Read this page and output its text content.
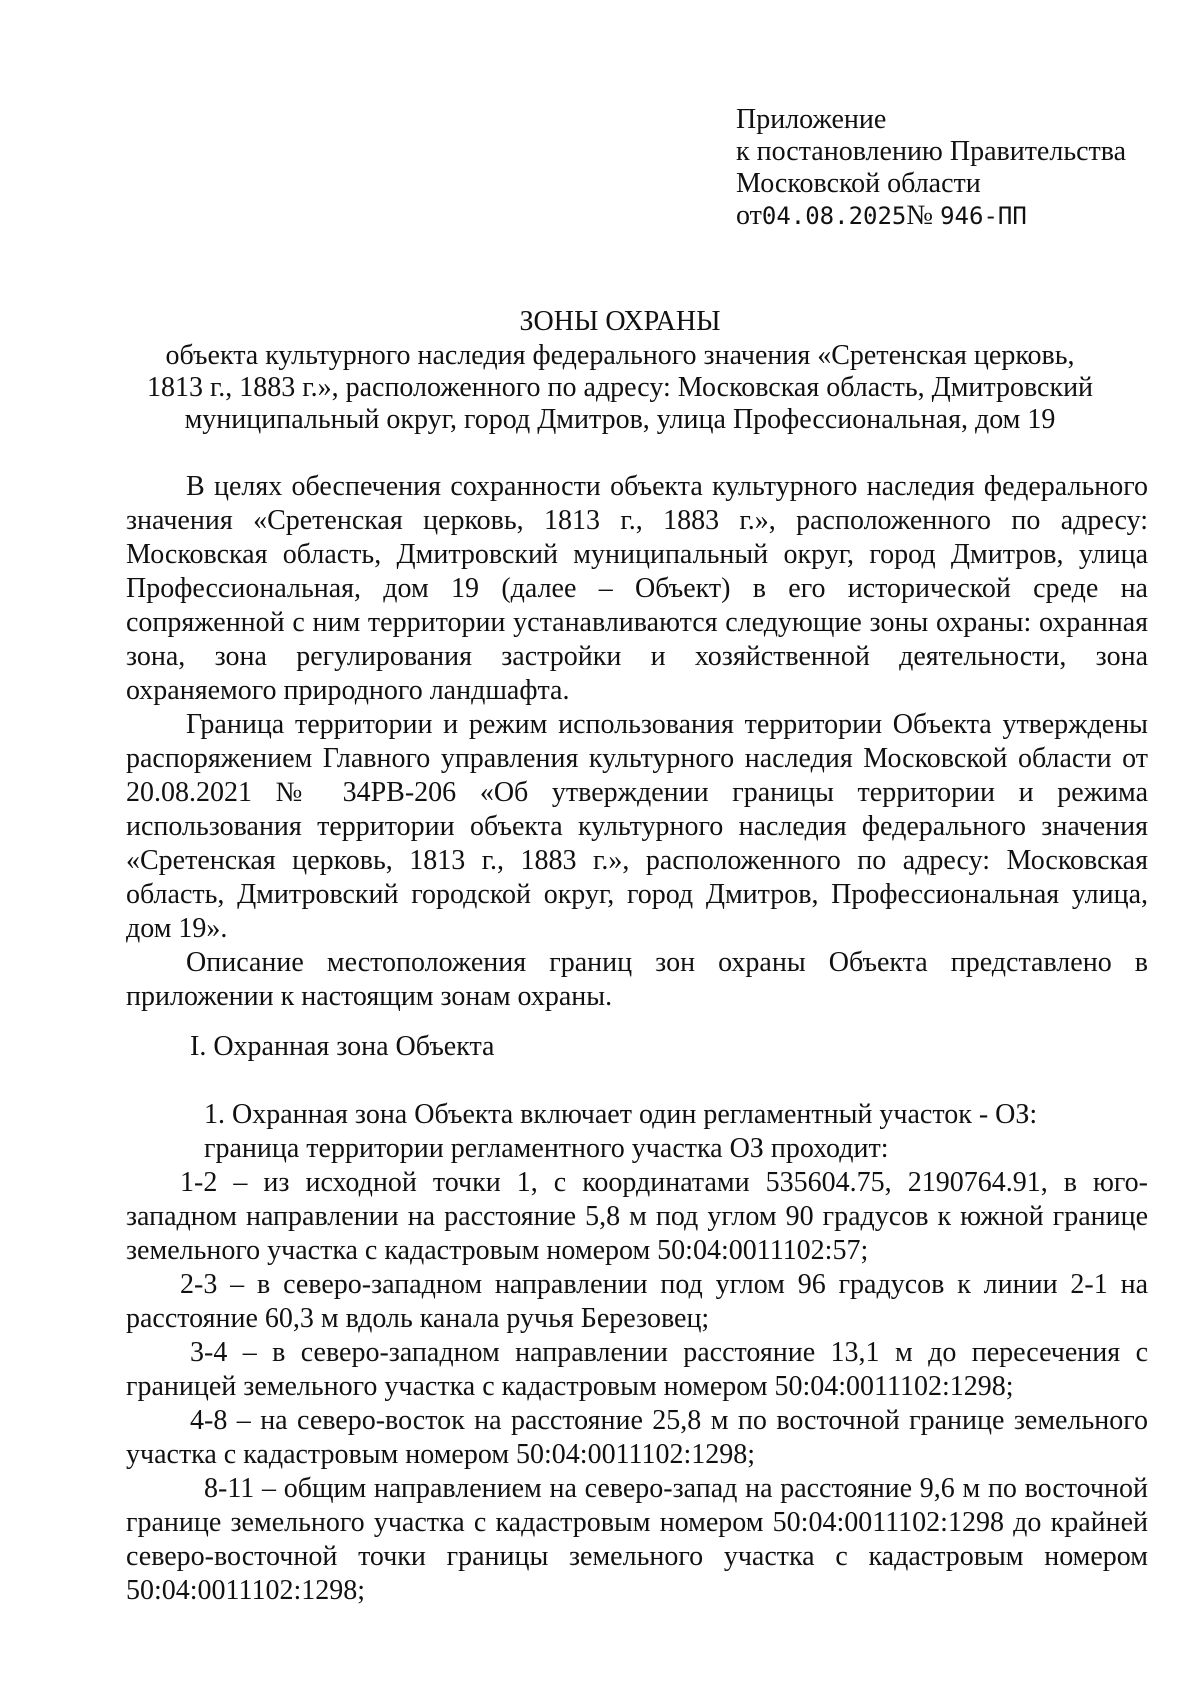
Приложение
к постановлению Правительства
Московской области
от04.08.2025№ 946-ПП
ЗОНЫ ОХРАНЫ
объекта культурного наследия федерального значения «Сретенская церковь,
1813 г., 1883 г.», расположенного по адресу: Московская область, Дмитровский
муниципальный округ, город Дмитров, улица Профессиональная, дом 19

В целях обеспечения сохранности объекта культурного наследия федерального значения «Сретенская церковь, 1813 г., 1883 г.», расположенного по адресу: Московская область, Дмитровский муниципальный округ, город Дмитров, улица Профессиональная, дом 19 (далее – Объект) в его исторической среде на сопряженной с ним территории устанавливаются следующие зоны охраны: охранная зона, зона регулирования застройки и хозяйственной деятельности, зона охраняемого природного ландшафта.

Граница территории и режим использования территории Объекта утверждены распоряжением Главного управления культурного наследия Московской области от 20.08.2021 № 34РВ-206 «Об утверждении границы территории и режима использования территории объекта культурного наследия федерального значения «Сретенская церковь, 1813 г., 1883 г.», расположенного по адресу: Московская область, Дмитровский городской округ, город Дмитров, Профессиональная улица, дом 19».

Описание местоположения границ зон охраны Объекта представлено в приложении к настоящим зонам охраны.

I. Охранная зона Объекта

1. Охранная зона Объекта включает один регламентный участок - ОЗ:

граница территории регламентного участка ОЗ проходит:

1-2 – из исходной точки 1, с координатами 535604.75, 2190764.91, в юго-западном направлении на расстояние 5,8 м под углом 90 градусов к южной границе земельного участка с кадастровым номером 50:04:0011102:57;

2-3 – в северо-западном направлении под углом 96 градусов к линии 2-1 на расстояние 60,3 м вдоль канала ручья Березовец;

3-4 – в северо-западном направлении расстояние 13,1 м до пересечения с границей земельного участка с кадастровым номером 50:04:0011102:1298;

4-8 – на северо-восток на расстояние 25,8 м по восточной границе земельного участка с кадастровым номером 50:04:0011102:1298;

8-11 – общим направлением на северо-запад на расстояние 9,6 м по восточной границе земельного участка с кадастровым номером 50:04:0011102:1298 до крайней северо-восточной точки границы земельного участка с кадастровым номером 50:04:0011102:1298;
